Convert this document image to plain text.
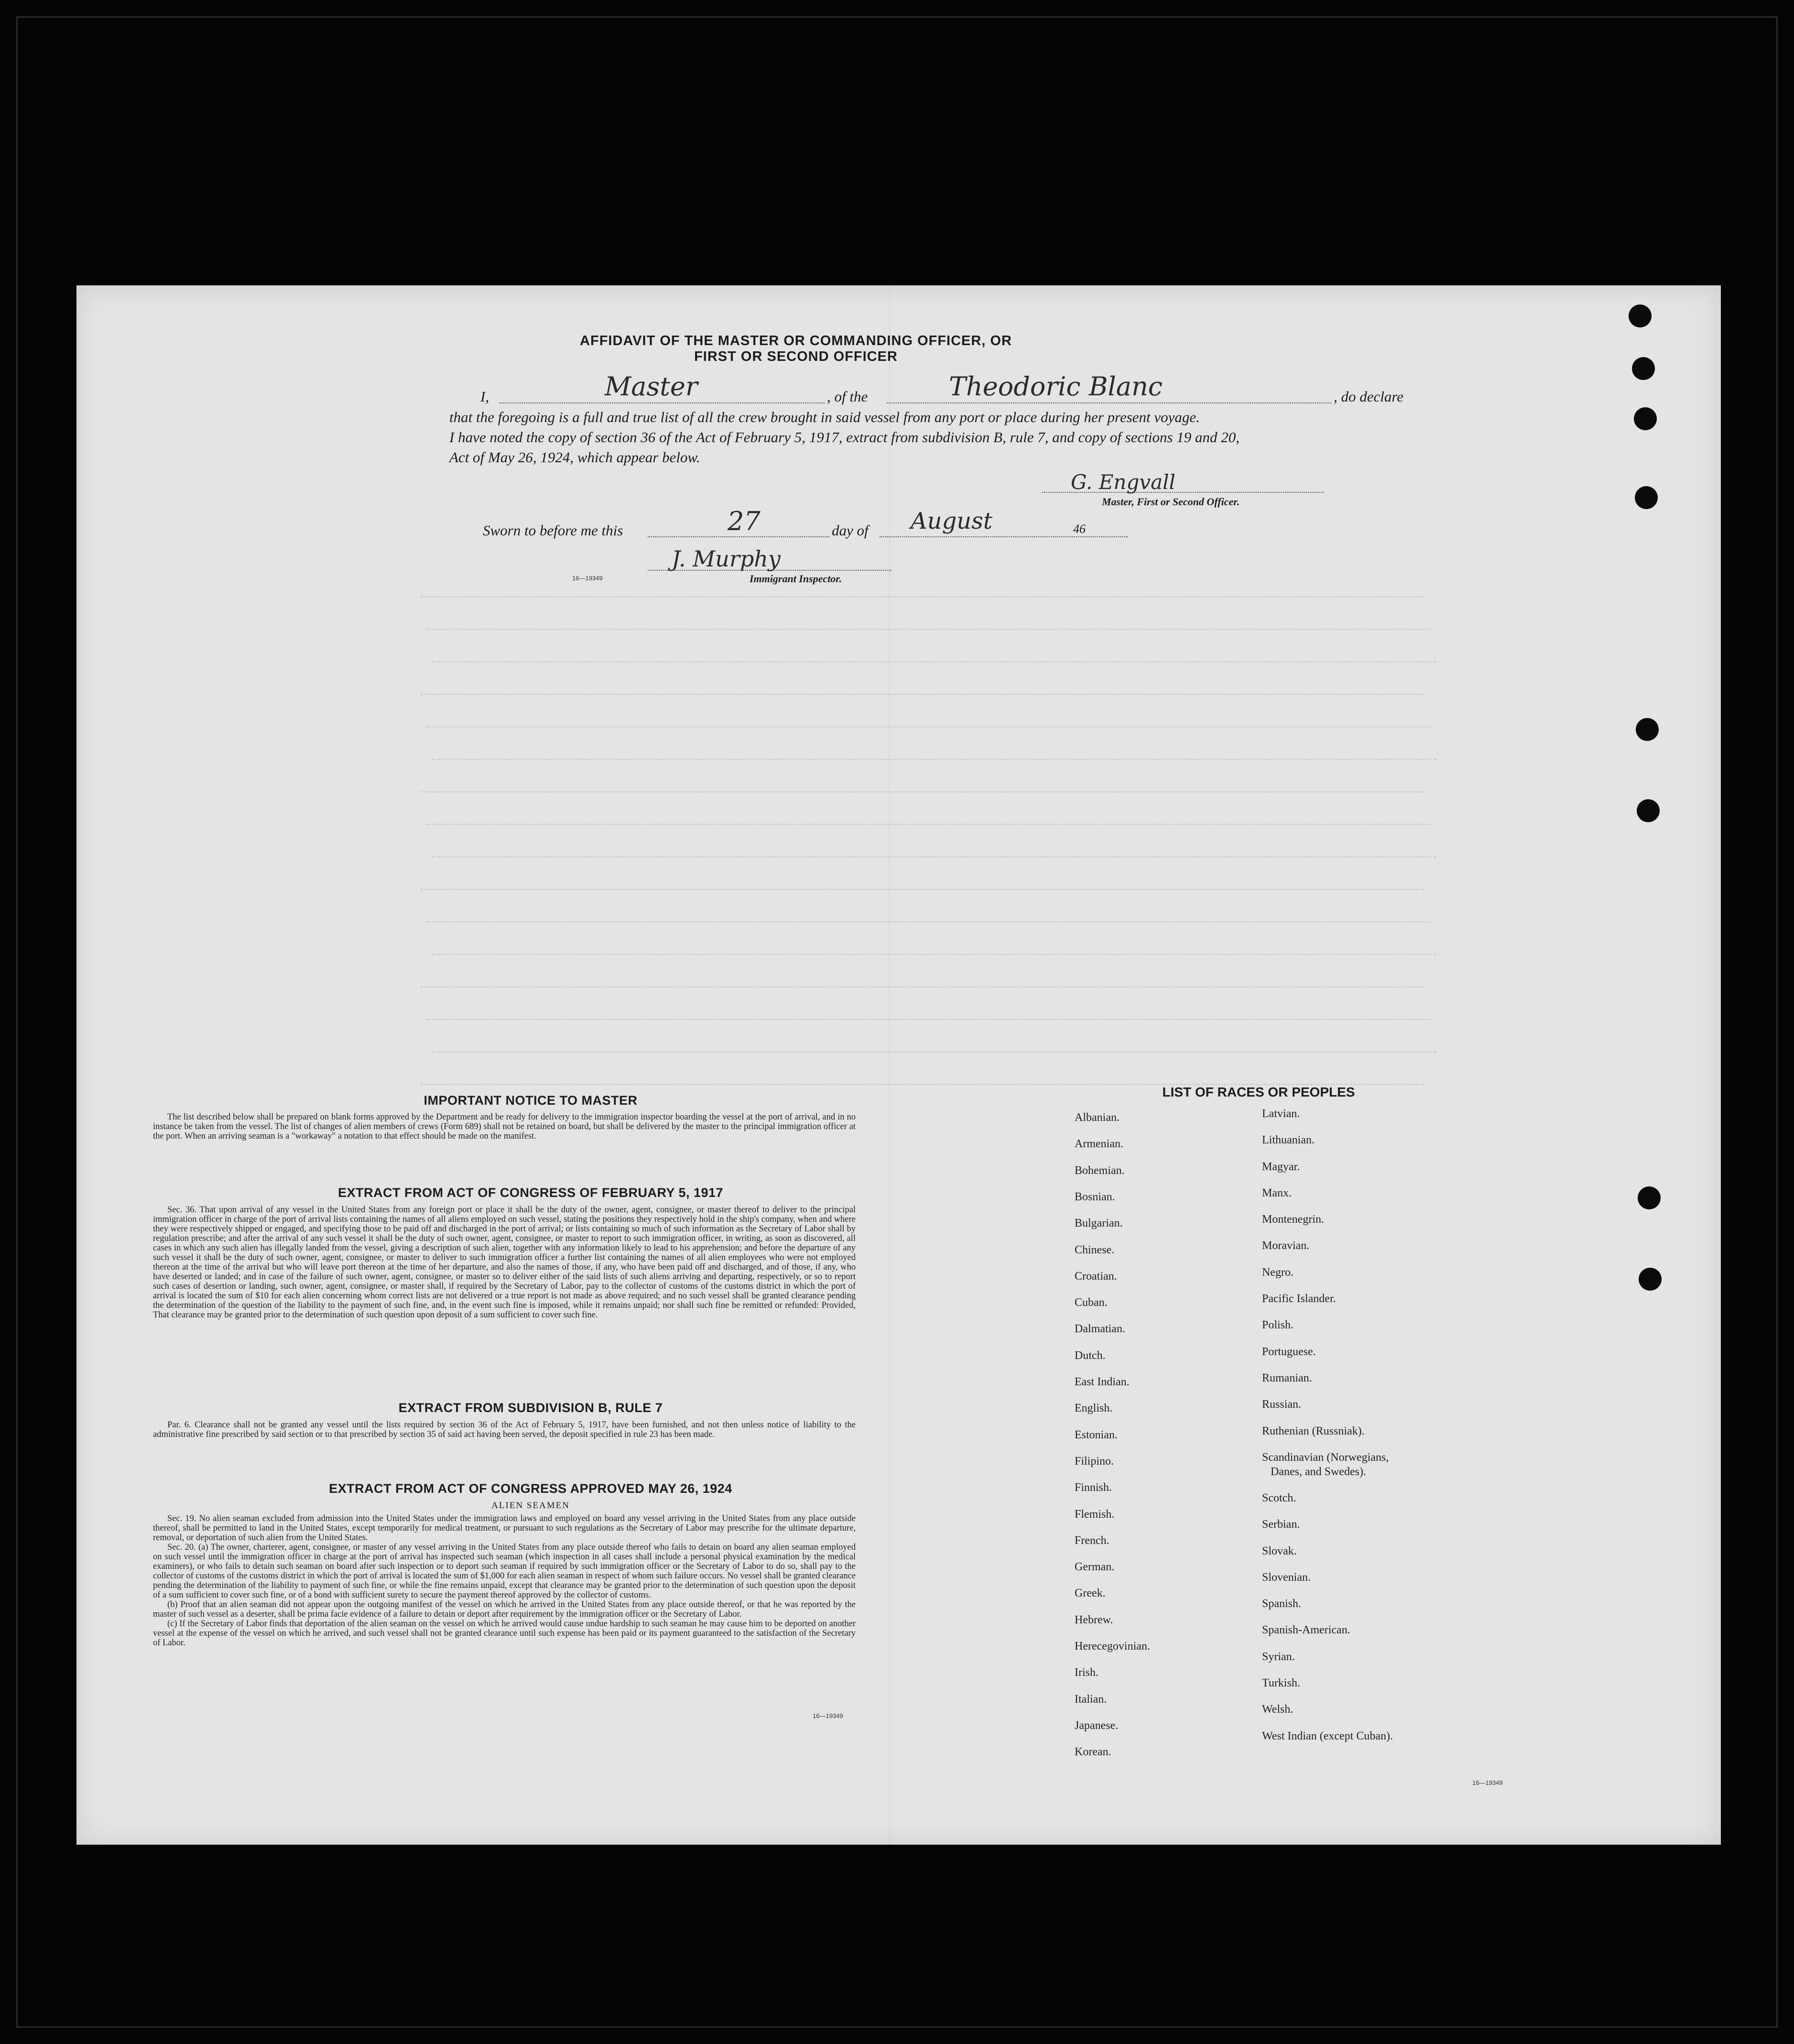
AFFIDAVIT OF THE MASTER OR COMMANDING OFFICER, OR FIRST OR SECOND OFFICER
I,	Master	, of the	Theodoric Blanc	, do declare
that the foregoing is a full and true list of all the crew brought in said vessel from any port or place during her present voyage.
I have noted the copy of section 36 of the Act of February 5, 1917, extract from subdivision B, rule 7, and copy of sections 19 and 20,
Act of May 26, 1924, which appear below.
G. Engvall
Master, First or Second Officer.
Sworn to before me this	27	day of August	46
16—19349
J. Murphy
Immigrant Inspector.
IMPORTANT NOTICE TO MASTER

The list described below shall be prepared on blank forms approved by the Department and be ready for delivery to the immigration inspector boarding the vessel at the port of arrival, and in no instance be taken from the vessel. The list of changes of alien members of crews (Form 689) shall not be retained on board, but shall be delivered by the master to the principal immigration officer at the port. When an arriving seaman is a "workaway" a notation to that effect should be made on the manifest.

EXTRACT FROM ACT OF CONGRESS OF FEBRUARY 5, 1917

Sec. 36. That upon arrival of any vessel in the United States from any foreign port or place it shall be the duty of the owner, agent, consignee, or master thereof to deliver to the principal immigration officer in charge of the port of arrival lists containing the names of all aliens employed on such vessel, stating the positions they respectively hold in the ship's company, when and where they were respectively shipped or engaged, and specifying those to be paid off and discharged in the port of arrival; or lists containing so much of such information as the Secretary of Labor shall by regulation prescribe; and after the arrival of any such vessel it shall be the duty of such owner, agent, consignee, or master to report to such immigration officer, in writing, as soon as discovered, all cases in which any such alien has illegally landed from the vessel, giving a description of such alien, together with any information likely to lead to his apprehension; and before the departure of any such vessel it shall be the duty of such owner, agent, consignee, or master to deliver to such immigration officer a further list containing the names of all alien employees who were not employed thereon at the time of the arrival but who will leave port thereon at the time of her departure, and also the names of those, if any, who have been paid off and discharged, and of those, if any, who have deserted or landed; and in case of the failure of such owner, agent, consignee, or master so to deliver either of the said lists of such aliens arriving and departing, respectively, or so to report such cases of desertion or landing, such owner, agent, consignee, or master shall, if required by the Secretary of Labor, pay to the collector of customs of the customs district in which the port of arrival is located the sum of $10 for each alien concerning whom correct lists are not delivered or a true report is not made as above required; and no such vessel shall be granted clearance pending the determination of the question of the liability to the payment of such fine, and, in the event such fine is imposed, while it remains unpaid; nor shall such fine be remitted or refunded: Provided, That clearance may be granted prior to the determination of such question upon deposit of a sum sufficient to cover such fine.

EXTRACT FROM SUBDIVISION B, RULE 7

Par. 6. Clearance shall not be granted any vessel until the lists required by section 36 of the Act of February 5, 1917, have been furnished, and not then unless notice of liability to the administrative fine prescribed by said section or to that prescribed by section 35 of said act having been served, the deposit specified in rule 23 has been made.

EXTRACT FROM ACT OF CONGRESS APPROVED MAY 26, 1924
ALIEN SEAMEN

Sec. 19. No alien seaman excluded from admission into the United States under the immigration laws and employed on board any vessel arriving in the United States from any place outside thereof, shall be permitted to land in the United States, except temporarily for medical treatment, or pursuant to such regulations as the Secretary of Labor may prescribe for the ultimate departure, removal, or deportation of such alien from the United States.

Sec. 20. (a) The owner, charterer, agent, consignee, or master of any vessel arriving in the United States from any place outside thereof who fails to detain on board any alien seaman employed on such vessel until the immigration officer in charge at the port of arrival has inspected such seaman (which inspection in all cases shall include a personal physical examination by the medical examiners), or who fails to detain such seaman on board after such inspection or to deport such seaman if required by such immigration officer or the Secretary of Labor to do so, shall pay to the collector of customs of the customs district in which the port of arrival is located the sum of $1,000 for each alien seaman in respect of whom such failure occurs. No vessel shall be granted clearance pending the determination of the liability to payment of such fine, or while the fine remains unpaid, except that clearance may be granted prior to the determination of such question upon the deposit of a sum sufficient to cover such fine, or of a bond with sufficient surety to secure the payment thereof approved by the collector of customs.

(b) Proof that an alien seaman did not appear upon the outgoing manifest of the vessel on which he arrived in the United States from any place outside thereof, or that he was reported by the master of such vessel as a deserter, shall be prima facie evidence of a failure to detain or deport after requirement by the immigration officer or the Secretary of Labor.

(c) If the Secretary of Labor finds that deportation of the alien seaman on the vessel on which he arrived would cause undue hardship to such seaman he may cause him to be deported on another vessel at the expense of the vessel on which he arrived, and such vessel shall not be granted clearance until such expense has been paid or its payment guaranteed to the satisfaction of the Secretary of Labor.

16—19349
LIST OF RACES OR PEOPLES
16—19349
Albanian.
Armenian.
Bohemian.
Bosnian.
Bulgarian.
Chinese.
Croatian.
Cuban.
Dalmatian.
Dutch.
East Indian.
English.
Estonian.
Filipino.
Finnish.
Flemish.
French.
German.
Greek.
Hebrew.
Herecegovinian.
Irish.
Italian.
Japanese.
Korean.
Latvian.
Lithuanian.
Magyar.
Manx.
Montenegrin.
Moravian.
Negro.
Pacific Islander.
Polish.
Portuguese.
Rumanian.
Russian.
Ruthenian (Russniak).
Scandinavian (Norwegians,
Danes, and Swedes).
Scotch.
Serbian.
Slovak.
Slovenian.
Spanish.
Spanish-American.
Syrian.
Turkish.
Welsh.
West Indian (except Cuban).
